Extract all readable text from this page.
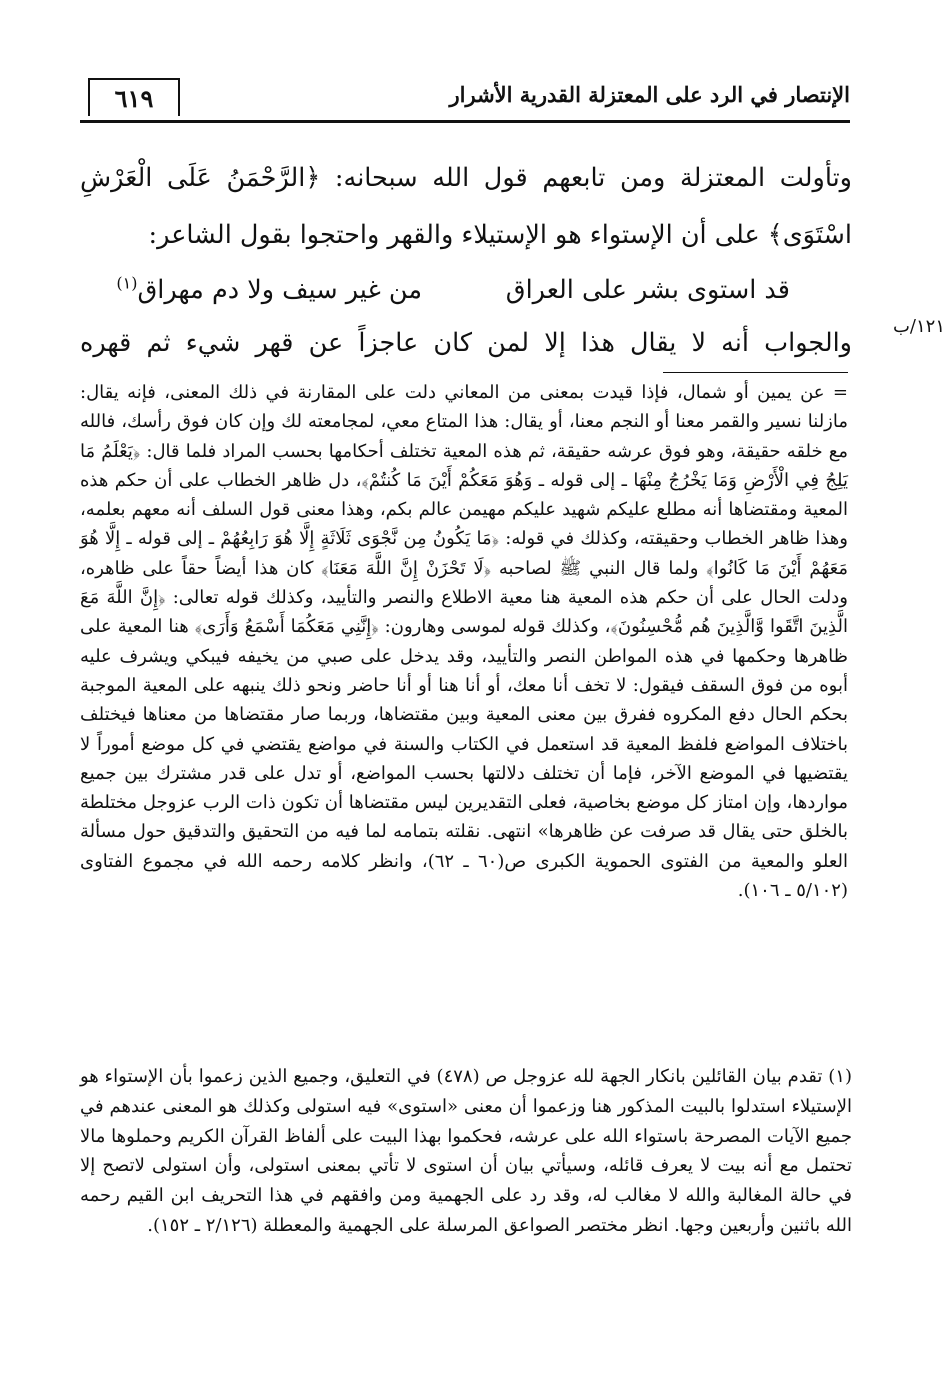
٦١٩	الإنتصار في الرد على المعتزلة القدرية الأشرار

وتأولت المعتزلة ومن تابعهم قول الله سبحانه: ﴿الرَّحْمَنُ عَلَى الْعَرْشِ اسْتَوَى﴾ على أن الإستواء هو الإستيلاء والقهر واحتجوا بقول الشاعر:

قد استوى بشر على العراق
من غير سيف ولا دم مهراق$^{(١)}$
١٢١/ب
والجواب أنه لا يقال هذا إلا لمن كان عاجزاً عن قهر شيء ثم قهره

= عن يمين أو شمال، فإذا قيدت بمعنى من المعاني دلت على المقارنة في ذلك المعنى، فإنه يقال: مازلنا نسير والقمر معنا أو النجم معنا، أو يقال: هذا المتاع معي، لمجامعته لك وإن كان فوق رأسك، فالله مع خلقه حقيقة، وهو فوق عرشه حقيقة، ثم هذه المعية تختلف أحكامها بحسب المراد فلما قال: ﴿يَعْلَمُ مَا يَلِجُ فِي الْأَرْضِ وَمَا يَخْرُجُ مِنْهَا ـ إلى قوله ـ وَهُوَ مَعَكُمْ أَيْنَ مَا كُنتُمْ﴾، دل ظاهر الخطاب على أن حكم هذه المعية ومقتضاها أنه مطلع عليكم شهيد عليكم مهيمن عالم بكم، وهذا معنى قول السلف أنه معهم بعلمه، وهذا ظاهر الخطاب وحقيقته، وكذلك في قوله: ﴿مَا يَكُونُ مِن نَّجْوَى ثَلَاثَةٍ إِلَّا هُوَ رَابِعُهُمْ ـ إلى قوله ـ إِلَّا هُوَ مَعَهُمْ أَيْنَ مَا كَانُوا﴾ ولما قال النبي ﷺ لصاحبه ﴿لَا تَحْزَنْ إِنَّ اللَّهَ مَعَنَا﴾ كان هذا أيضاً حقاً على ظاهره، ودلت الحال على أن حكم هذه المعية هنا معية الاطلاع والنصر والتأييد، وكذلك قوله تعالى: ﴿إِنَّ اللَّهَ مَعَ الَّذِينَ اتَّقَوا وَّالَّذِينَ هُم مُّحْسِنُونَ﴾، وكذلك قوله لموسى وهارون: ﴿إِنَّنِي مَعَكُمَا أَسْمَعُ وَأَرَى﴾ هنا المعية على ظاهرها وحكمها في هذه المواطن النصر والتأييد، وقد يدخل على صبي من يخيفه فيبكي ويشرف عليه أبوه من فوق السقف فيقول: لا تخف أنا معك، أو أنا هنا أو أنا حاضر ونحو ذلك ينبهه على المعية الموجبة بحكم الحال دفع المكروه ففرق بين معنى المعية وبين مقتضاها، وربما صار مقتضاها من معناها فيختلف باختلاف المواضع فلفظ المعية قد استعمل في الكتاب والسنة في مواضع يقتضي في كل موضع أموراً لا يقتضيها في الموضع الآخر، فإما أن تختلف دلالتها بحسب المواضع، أو تدل على قدر مشترك بين جميع مواردها، وإن امتاز كل موضع بخاصية، فعلى التقديرين ليس مقتضاها أن تكون ذات الرب عزوجل مختلطة بالخلق حتى يقال قد صرفت عن ظاهرها» انتهى. نقلته بتمامه لما فيه من التحقيق والتدقيق حول مسألة العلو والمعية من الفتوى الحموية الكبرى ص(٦٠ ـ ٦٢)، وانظر كلامه رحمه الله في مجموع الفتاوى (٥/١٠٢ ـ ١٠٦).

(١) تقدم بيان القائلين بانكار الجهة لله عزوجل ص (٤٧٨) في التعليق، وجميع الذين زعموا بأن الإستواء هو الإستيلاء استدلوا بالبيت المذكور هنا وزعموا أن معنى «استوى» فيه استولى وكذلك هو المعنى عندهم في جميع الآيات المصرحة باستواء الله على عرشه، فحكموا بهذا البيت على ألفاظ القرآن الكريم وحملوها مالا تحتمل مع أنه بيت لا يعرف قائله، وسيأتي بيان أن استوى لا تأتي بمعنى استولى، وأن استولى لاتصح إلا في حالة المغالبة والله لا مغالب له، وقد رد على الجهمية ومن وافقهم في هذا التحريف ابن القيم رحمه الله باثنين وأربعين وجها. انظر مختصر الصواعق المرسلة على الجهمية والمعطلة (٢/١٢٦ ـ ١٥٢).
